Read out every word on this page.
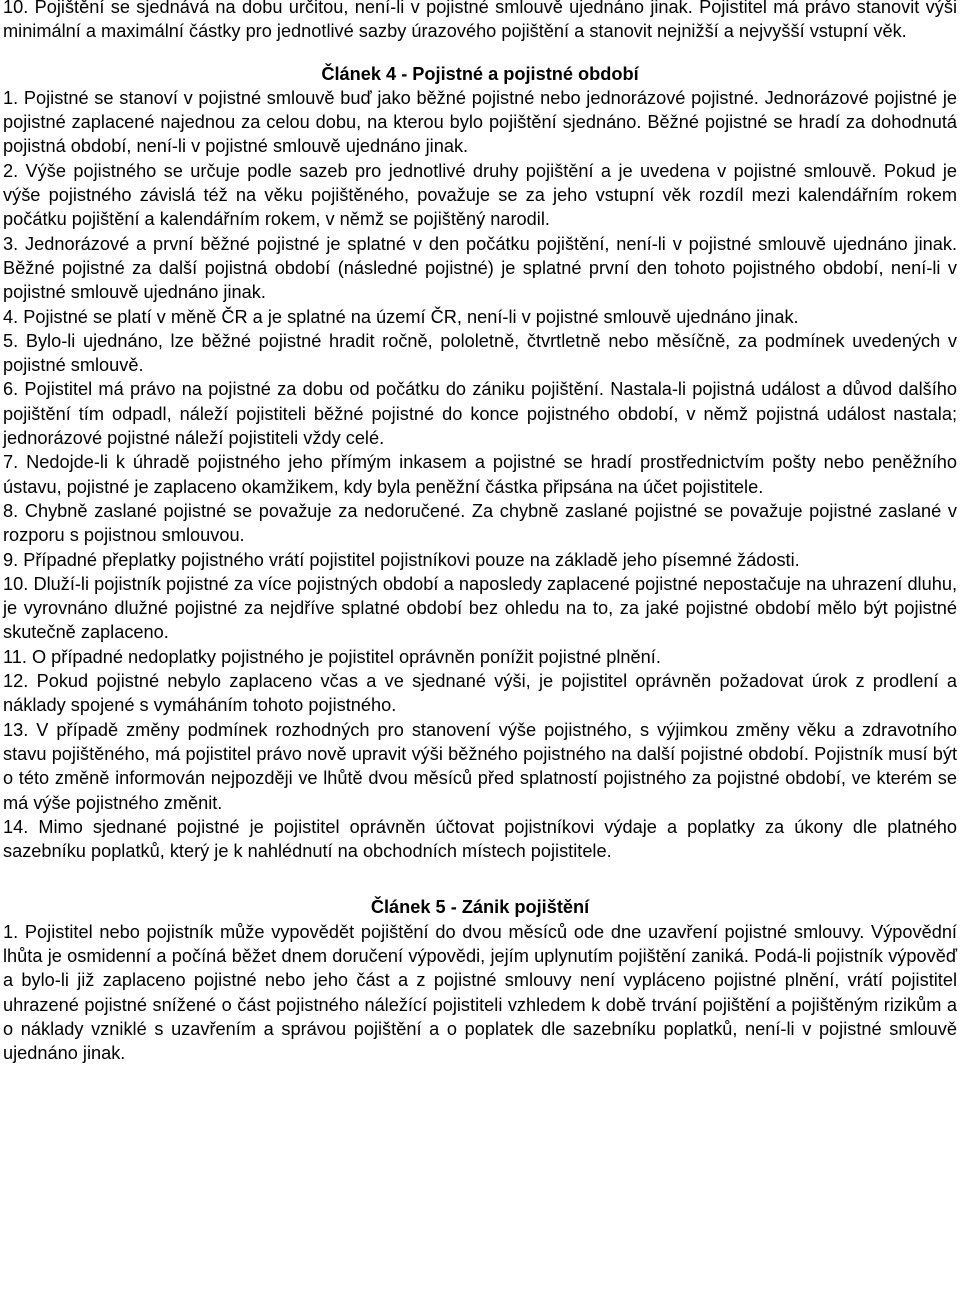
10. Pojištění se sjednává na dobu určitou, není-li v pojistné smlouvě ujednáno jinak. Pojistitel má právo stanovit výši minimální a maximální částky pro jednotlivé sazby úrazového pojištění a stanovit nejnižší a nejvyšší vstupní věk.

Článek 4 - Pojistné a pojistné období

1. Pojistné se stanoví v pojistné smlouvě buď jako běžné pojistné nebo jednorázové pojistné. Jednorázové pojistné je pojistné zaplacené najednou za celou dobu, na kterou bylo pojištění sjednáno. Běžné pojistné se hradí za dohodnutá pojistná období, není-li v pojistné smlouvě ujednáno jinak.

2. Výše pojistného se určuje podle sazeb pro jednotlivé druhy pojištění a je uvedena v pojistné smlouvě. Pokud je výše pojistného závislá též na věku pojištěného, považuje se za jeho vstupní věk rozdíl mezi kalendářním rokem počátku pojištění a kalendářním rokem, v němž se pojištěný narodil.

3. Jednorázové a první běžné pojistné je splatné v den počátku pojištění, není-li v pojistné smlouvě ujednáno jinak. Běžné pojistné za další pojistná období (následné pojistné) je splatné první den tohoto pojistného období, není-li v pojistné smlouvě ujednáno jinak.

4. Pojistné se platí v měně ČR a je splatné na území ČR, není-li v pojistné smlouvě ujednáno jinak.

5. Bylo-li ujednáno, lze běžné pojistné hradit ročně, pololetně, čtvrtletně nebo měsíčně, za podmínek uvedených v pojistné smlouvě.

6. Pojistitel má právo na pojistné za dobu od počátku do zániku pojištění. Nastala-li pojistná událost a důvod dalšího pojištění tím odpadl, náleží pojistiteli běžné pojistné do konce pojistného období, v němž pojistná událost nastala; jednorázové pojistné náleží pojistiteli vždy celé.

7. Nedojde-li k úhradě pojistného jeho přímým inkasem a pojistné se hradí prostřednictvím pošty nebo peněžního ústavu, pojistné je zaplaceno okamžikem, kdy byla peněžní částka připsána na účet pojistitele.

8. Chybně zaslané pojistné se považuje za nedoručené. Za chybně zaslané pojistné se považuje pojistné zaslané v rozporu s pojistnou smlouvou.

9. Případné přeplatky pojistného vrátí pojistitel pojistníkovi pouze na základě jeho písemné žádosti.

10. Dluží-li pojistník pojistné za více pojistných období a naposledy zaplacené pojistné nepostačuje na uhrazení dluhu, je vyrovnáno dlužné pojistné za nejdříve splatné období bez ohledu na to, za jaké pojistné období mělo být pojistné skutečně zaplaceno.

11. O případné nedoplatky pojistného je pojistitel oprávněn ponížit pojistné plnění.

12. Pokud pojistné nebylo zaplaceno včas a ve sjednané výši, je pojistitel oprávněn požadovat úrok z prodlení a náklady spojené s vymáháním tohoto pojistného.

13. V případě změny podmínek rozhodných pro stanovení výše pojistného, s výjimkou změny věku a zdravotního stavu pojištěného, má pojistitel právo nově upravit výši běžného pojistného na další pojistné období. Pojistník musí být o této změně informován nejpozději ve lhůtě dvou měsíců před splatností pojistného za pojistné období, ve kterém se má výše pojistného změnit.

14. Mimo sjednané pojistné je pojistitel oprávněn účtovat pojistníkovi výdaje a poplatky za úkony dle platného sazebníku poplatků, který je k nahlédnutí na obchodních místech pojistitele.

Článek 5 - Zánik pojištění

1. Pojistitel nebo pojistník může vypovědět pojištění do dvou měsíců ode dne uzavření pojistné smlouvy. Výpovědní lhůta je osmidenní a počíná běžet dnem doručení výpovědi, jejím uplynutím pojištění zaniká. Podá-li pojistník výpověď a bylo-li již zaplaceno pojistné nebo jeho část a z pojistné smlouvy není vypláceno pojistné plnění, vrátí pojistitel uhrazené pojistné snížené o část pojistného náležící pojistiteli vzhledem k době trvání pojištění a pojištěným rizikům a o náklady vzniklé s uzavřením a správou pojištění a o poplatek dle sazebníku poplatků, není-li v pojistné smlouvě ujednáno jinak.
